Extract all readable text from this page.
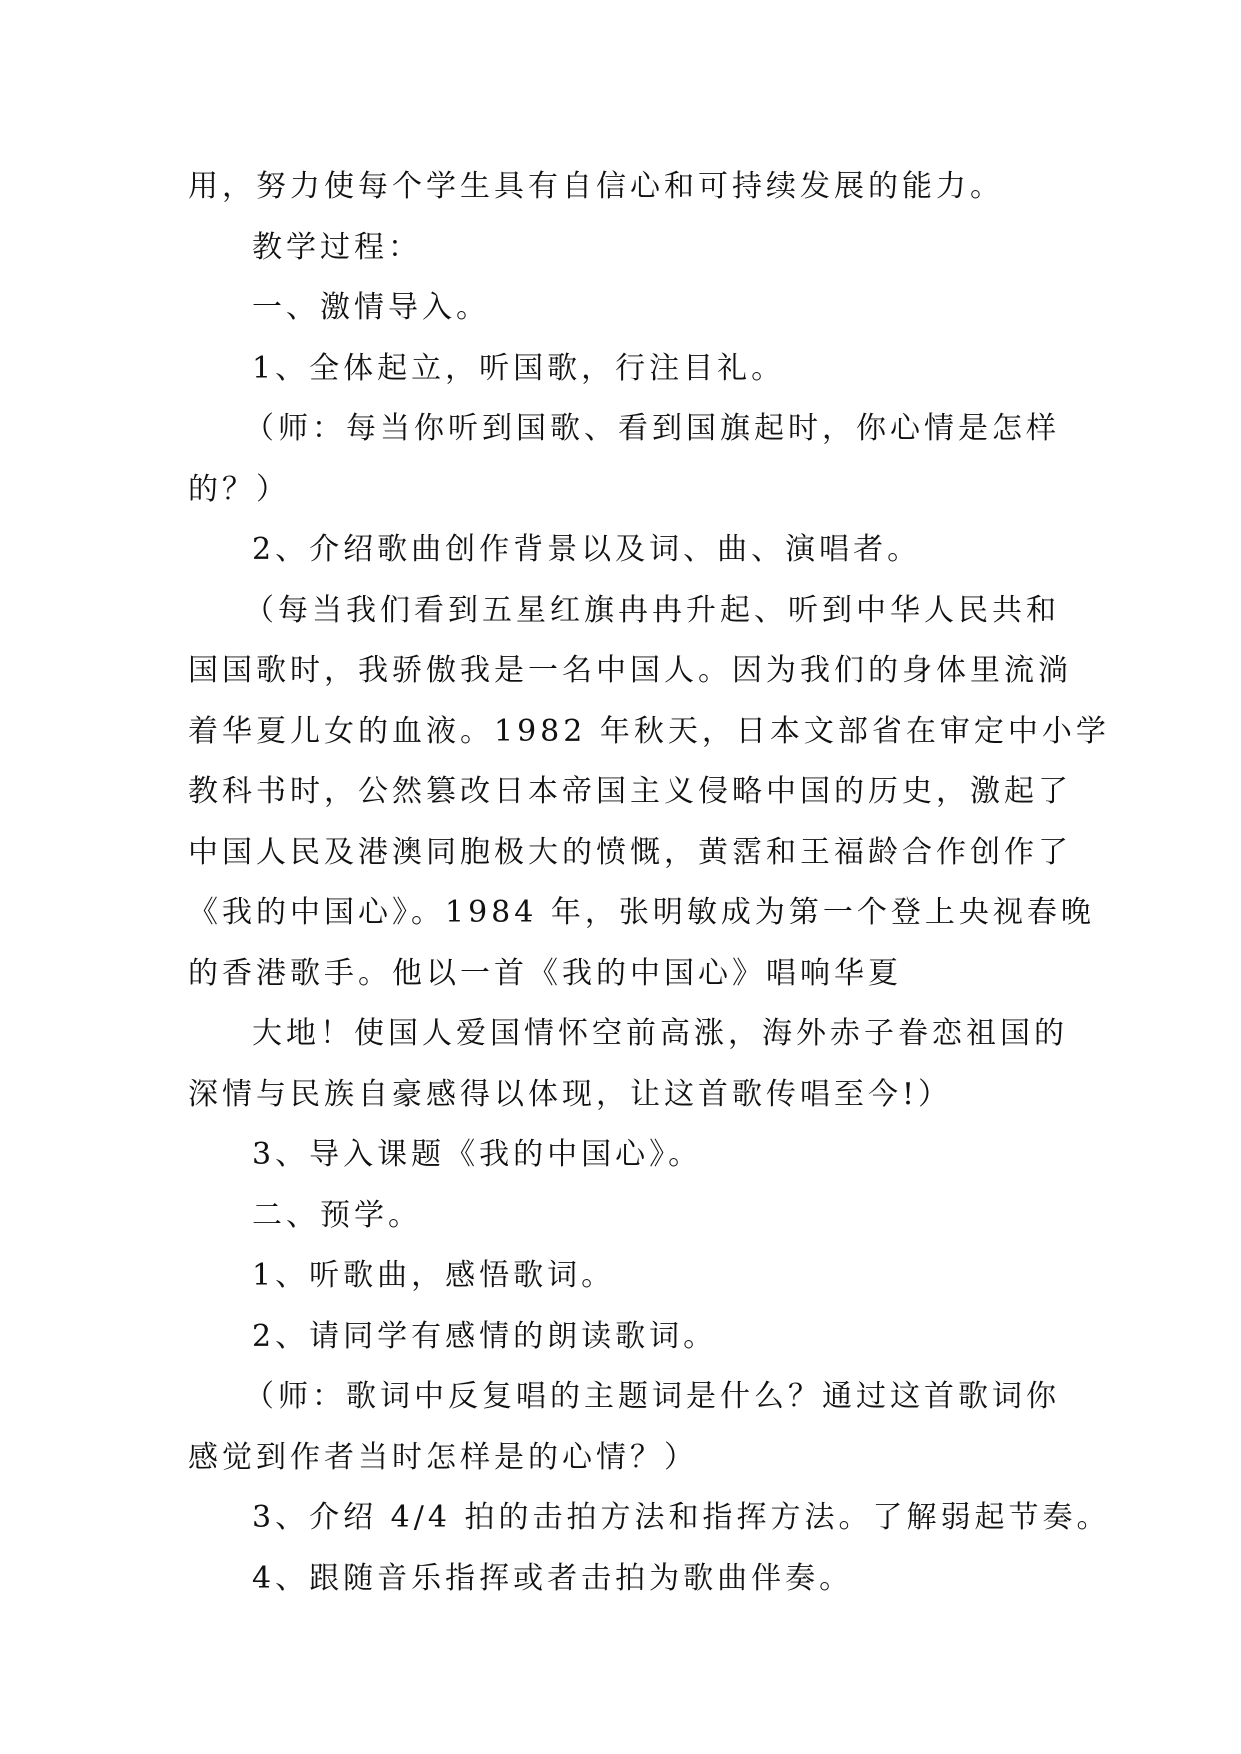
用，努力使每个学生具有自信心和可持续发展的能力。
教学过程：
一、激情导入。
1、全体起立，听国歌，行注目礼。
（师：每当你听到国歌、看到国旗起时，你心情是怎样
的？）
2、介绍歌曲创作背景以及词、曲、演唱者。
（每当我们看到五星红旗冉冉升起、听到中华人民共和
国国歌时，我骄傲我是一名中国人。因为我们的身体里流淌
着华夏儿女的血液。1982 年秋天，日本文部省在审定中小学
教科书时，公然篡改日本帝国主义侵略中国的历史，激起了
中国人民及港澳同胞极大的愤慨，黄霑和王福龄合作创作了
《我的中国心》。1984 年，张明敏成为第一个登上央视春晚
的香港歌手。他以一首《我的中国心》唱响华夏
大地！使国人爱国情怀空前高涨，海外赤子眷恋祖国的
深情与民族自豪感得以体现，让这首歌传唱至今!）
3、导入课题《我的中国心》。
二、预学。
1、听歌曲，感悟歌词。
2、请同学有感情的朗读歌词。
（师：歌词中反复唱的主题词是什么？通过这首歌词你
感觉到作者当时怎样是的心情？）
3、介绍 4/4 拍的击拍方法和指挥方法。了解弱起节奏。
4、跟随音乐指挥或者击拍为歌曲伴奏。
